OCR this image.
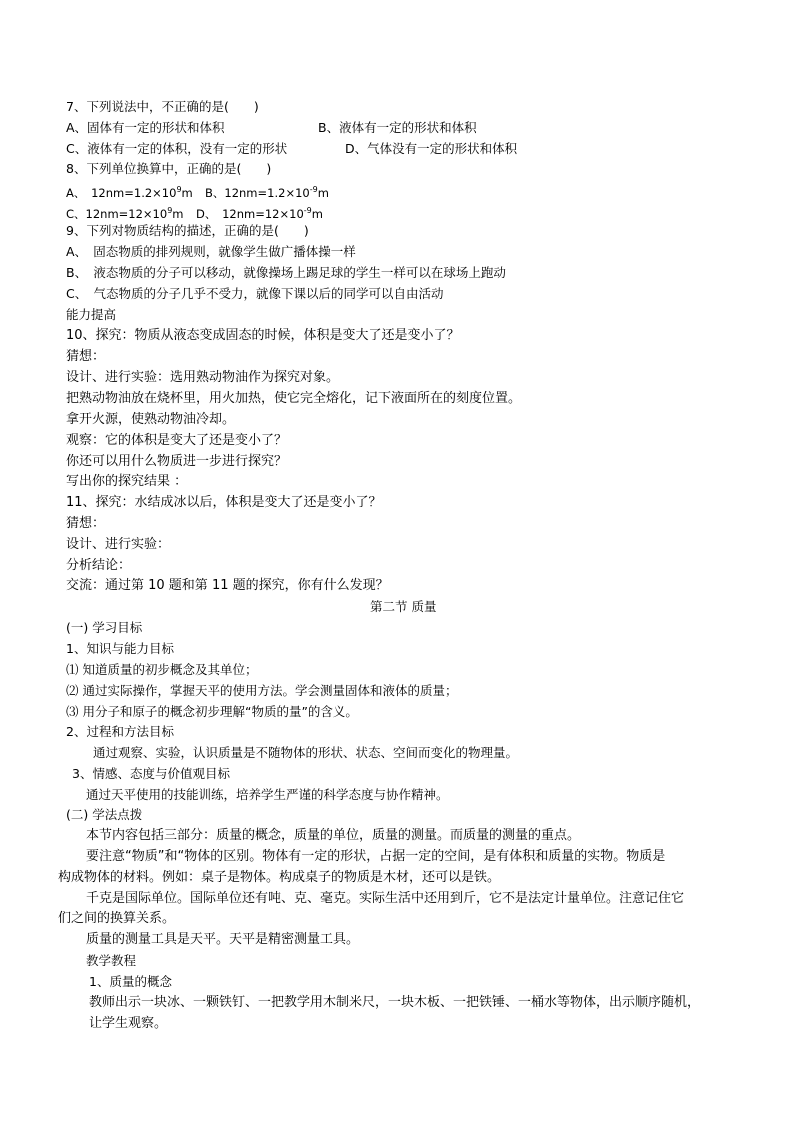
7、下列说法中，不正确的是(　　)
A、固体有一定的形状和体积	B、液体有一定的形状和体积
C、液体有一定的体积，没有一定的形状	D、气体没有一定的形状和体积
8、下列单位换算中，正确的是(　　)
A、　$12nm=1.2\times 10^9m$ B、$12nm=1.2\times 10^{-9}m$
C、$12nm=12\times 10^9m$ D、　$12nm=12\times 10^{-9}m$
9、下列对物质结构的描述，正确的是(　　)
A、　固态物质的排列规则，就像学生做广播体操一样
B、　液态物质的分子可以移动，就像操场上踢足球的学生一样可以在球场上跑动
C、　气态物质的分子几乎不受力，就像下课以后的同学可以自由活动
能力提高
10、探究：物质从液态变成固态的时候，体积是变大了还是变小了？
猜想：
设计、进行实验：选用熟动物油作为探究对象。
把熟动物油放在烧杯里，用火加热，使它完全熔化，记下液面所在的刻度位置。
拿开火源，使熟动物油冷却。
观察：它的体积是变大了还是变小了？
你还可以用什么物质进一步进行探究？
写出你的探究结果 ：
11、探究：水结成冰以后，体积是变大了还是变小了？
猜想：
设计、进行实验：
分析结论：
交流：通过第 10 题和第 11 题的探究，你有什么发现？
第二节 质量
(一) 学习目标
1、知识与能力目标
⑴ 知道质量的初步概念及其单位；
⑵ 通过实际操作，掌握天平的使用方法。学会测量固体和液体的质量；
⑶ 用分子和原子的概念初步理解“物质的量”的含义。
2、过程和方法目标
通过观察、实验，认识质量是不随物体的形状、状态、空间而变化的物理量。
3、情感、态度与价值观目标
通过天平使用的技能训练，培养学生严谨的科学态度与协作精神。
(二) 学法点拨
本节内容包括三部分：质量的概念，质量的单位，质量的测量。而质量的测量的重点。
要注意“物质”和“物体的区别。物体有一定的形状，占据一定的空间，是有体积和质量的实物。物质是
构成物体的材料。例如：桌子是物体。构成桌子的物质是木材，还可以是铁。
千克是国际单位。国际单位还有吨、克、毫克。实际生活中还用到斤，它不是法定计量单位。注意记住它
们之间的换算关系。
质量的测量工具是天平。天平是精密测量工具。
教学教程
1、质量的概念
教师出示一块冰、一颗铁钉、一把教学用木制米尺，一块木板、一把铁锤、一桶水等物体，出示顺序随机，
让学生观察。
